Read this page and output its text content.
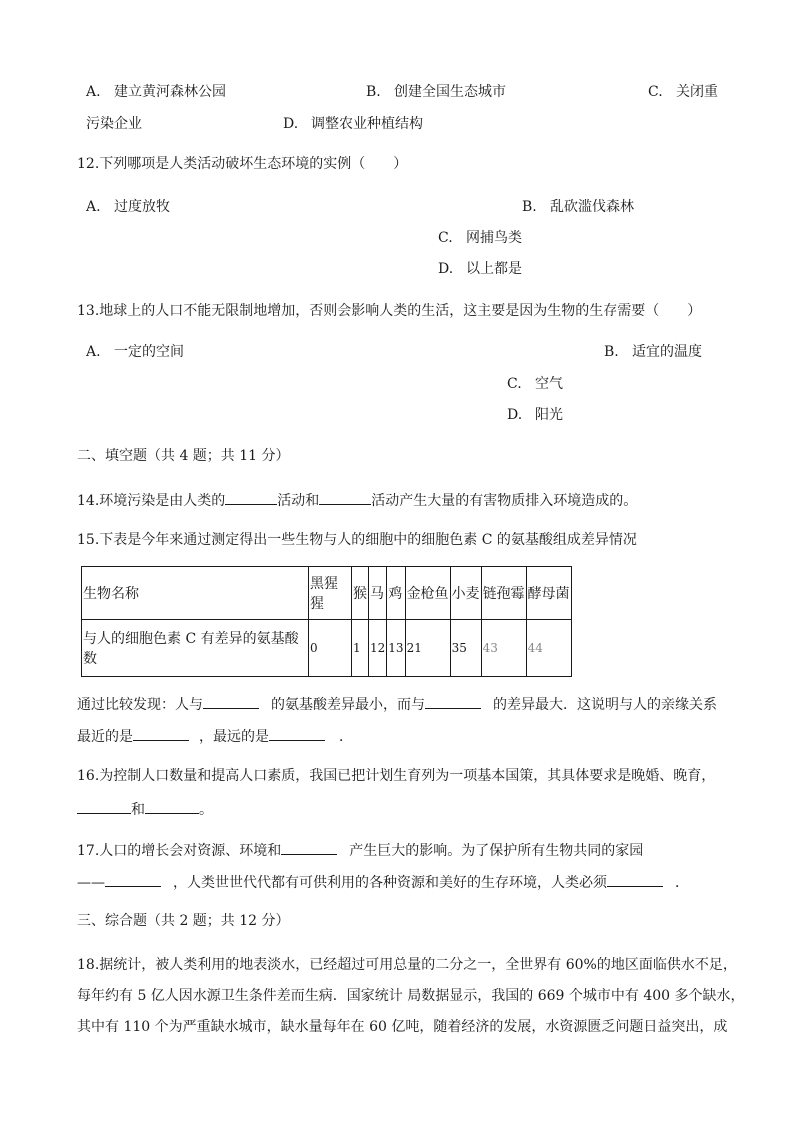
A. 建立黄河森林公园	B. 创建全国生态城市	C. 关闭重
污染企业	D. 调整农业种植结构
12.下列哪项是人类活动破坏生态环境的实例（　　）
A. 过度放牧	B. 乱砍滥伐森林
C. 网捕鸟类
D. 以上都是
13.地球上的人口不能无限制地增加，否则会影响人类的生活，这主要是因为生物的生存需要（　　）
A. 一定的空间	B. 适宜的温度
C. 空气
D. 阳光
二、填空题（共 4 题；共 11 分）
14.环境污染是由人类的	活动和	活动产生大量的有害物质排入环境造成的。
15.下表是今年来通过测定得出一些生物与人的细胞中的细胞色素 C 的氨基酸组成差异情况
生物名称	黑猩猩	猴	马	鸡	金枪鱼	小麦	链孢霉	酵母菌
与人的细胞色素 C 有差异的氨基酸数	0	1	12	13	21	35	43	44
通过比较发现：人与	的氨基酸差异最小，而与	的差异最大．这说明与人的亲缘关系
最近的是	，最远的是	．
16.为控制人口数量和提高人口素质，我国已把计划生育列为一项基本国策，其具体要求是晚婚、晚育，
和	。
17.人口的增长会对资源、环境和	产生巨大的影响。为了保护所有生物共同的家园
——	，人类世世代代都有可供利用的各种资源和美好的生存环境，人类必须	．
三、综合题（共 2 题；共 12 分）
18.据统计，被人类利用的地表淡水，已经超过可用总量的二分之一，全世界有 60%的地区面临供水不足，
每年约有 5 亿人因水源卫生条件差而生病．国家统计 局数据显示，我国的 669 个城市中有 400 多个缺水，
其中有 110 个为严重缺水城市，缺水量每年在 60 亿吨，随着经济的发展，水资源匮乏问题日益突出，成
